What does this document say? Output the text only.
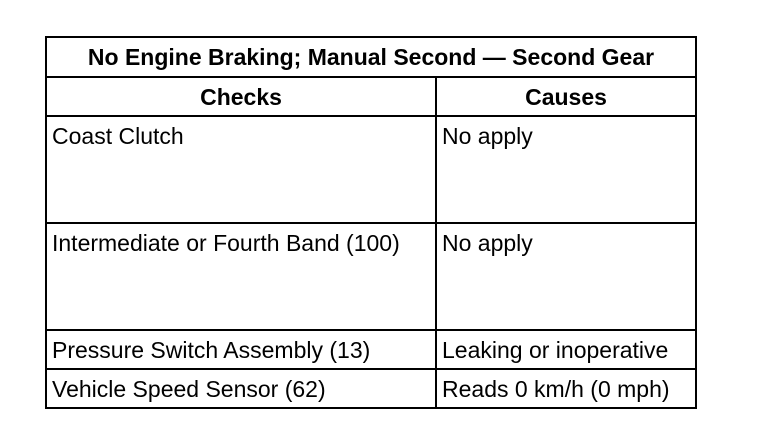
No Engine Braking; Manual Second — Second Gear	
Checks	Causes

Coast Clutch	No apply

Intermediate or Fourth Band (100)	No apply

Pressure Switch Assembly (13)	Leaking or inoperative

Vehicle Speed Sensor (62)	Reads 0 km/h (0 mph)
